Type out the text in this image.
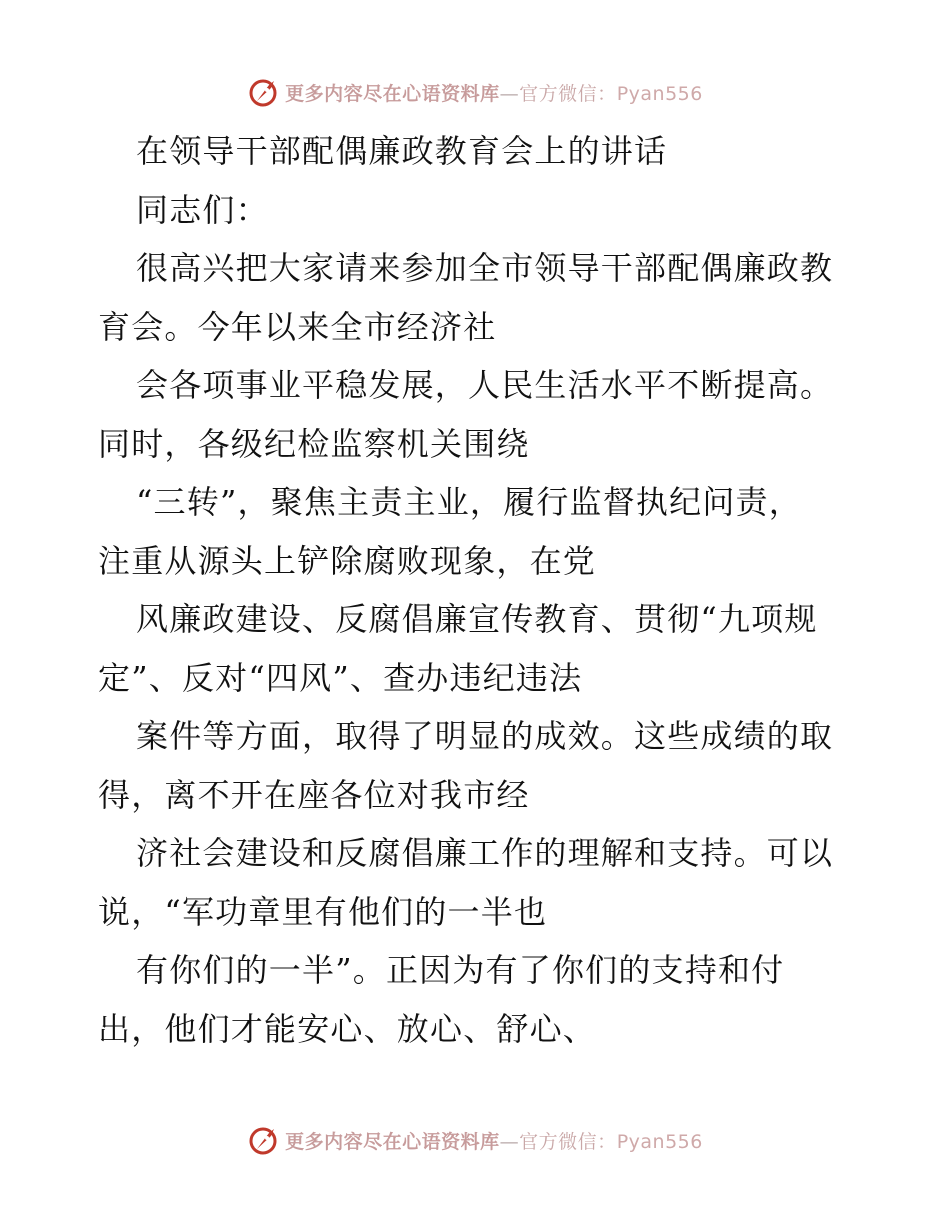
更多内容尽在心语资料库—官方微信：Pyan556
在领导干部配偶廉政教育会上的讲话
同志们：
很高兴把大家请来参加全市领导干部配偶廉政教
育会。今年以来全市经济社
会各项事业平稳发展，人民生活水平不断提高。
同时，各级纪检监察机关围绕
“三转”，聚焦主责主业，履行监督执纪问责，
注重从源头上铲除腐败现象，在党
风廉政建设、反腐倡廉宣传教育、贯彻“九项规
定”、反对“四风”、查办违纪违法
案件等方面，取得了明显的成效。这些成绩的取
得，离不开在座各位对我市经
济社会建设和反腐倡廉工作的理解和支持。可以
说，“军功章里有他们的一半也
有你们的一半”。正因为有了你们的支持和付
出，他们才能安心、放心、舒心、
更多内容尽在心语资料库—官方微信：Pyan556
